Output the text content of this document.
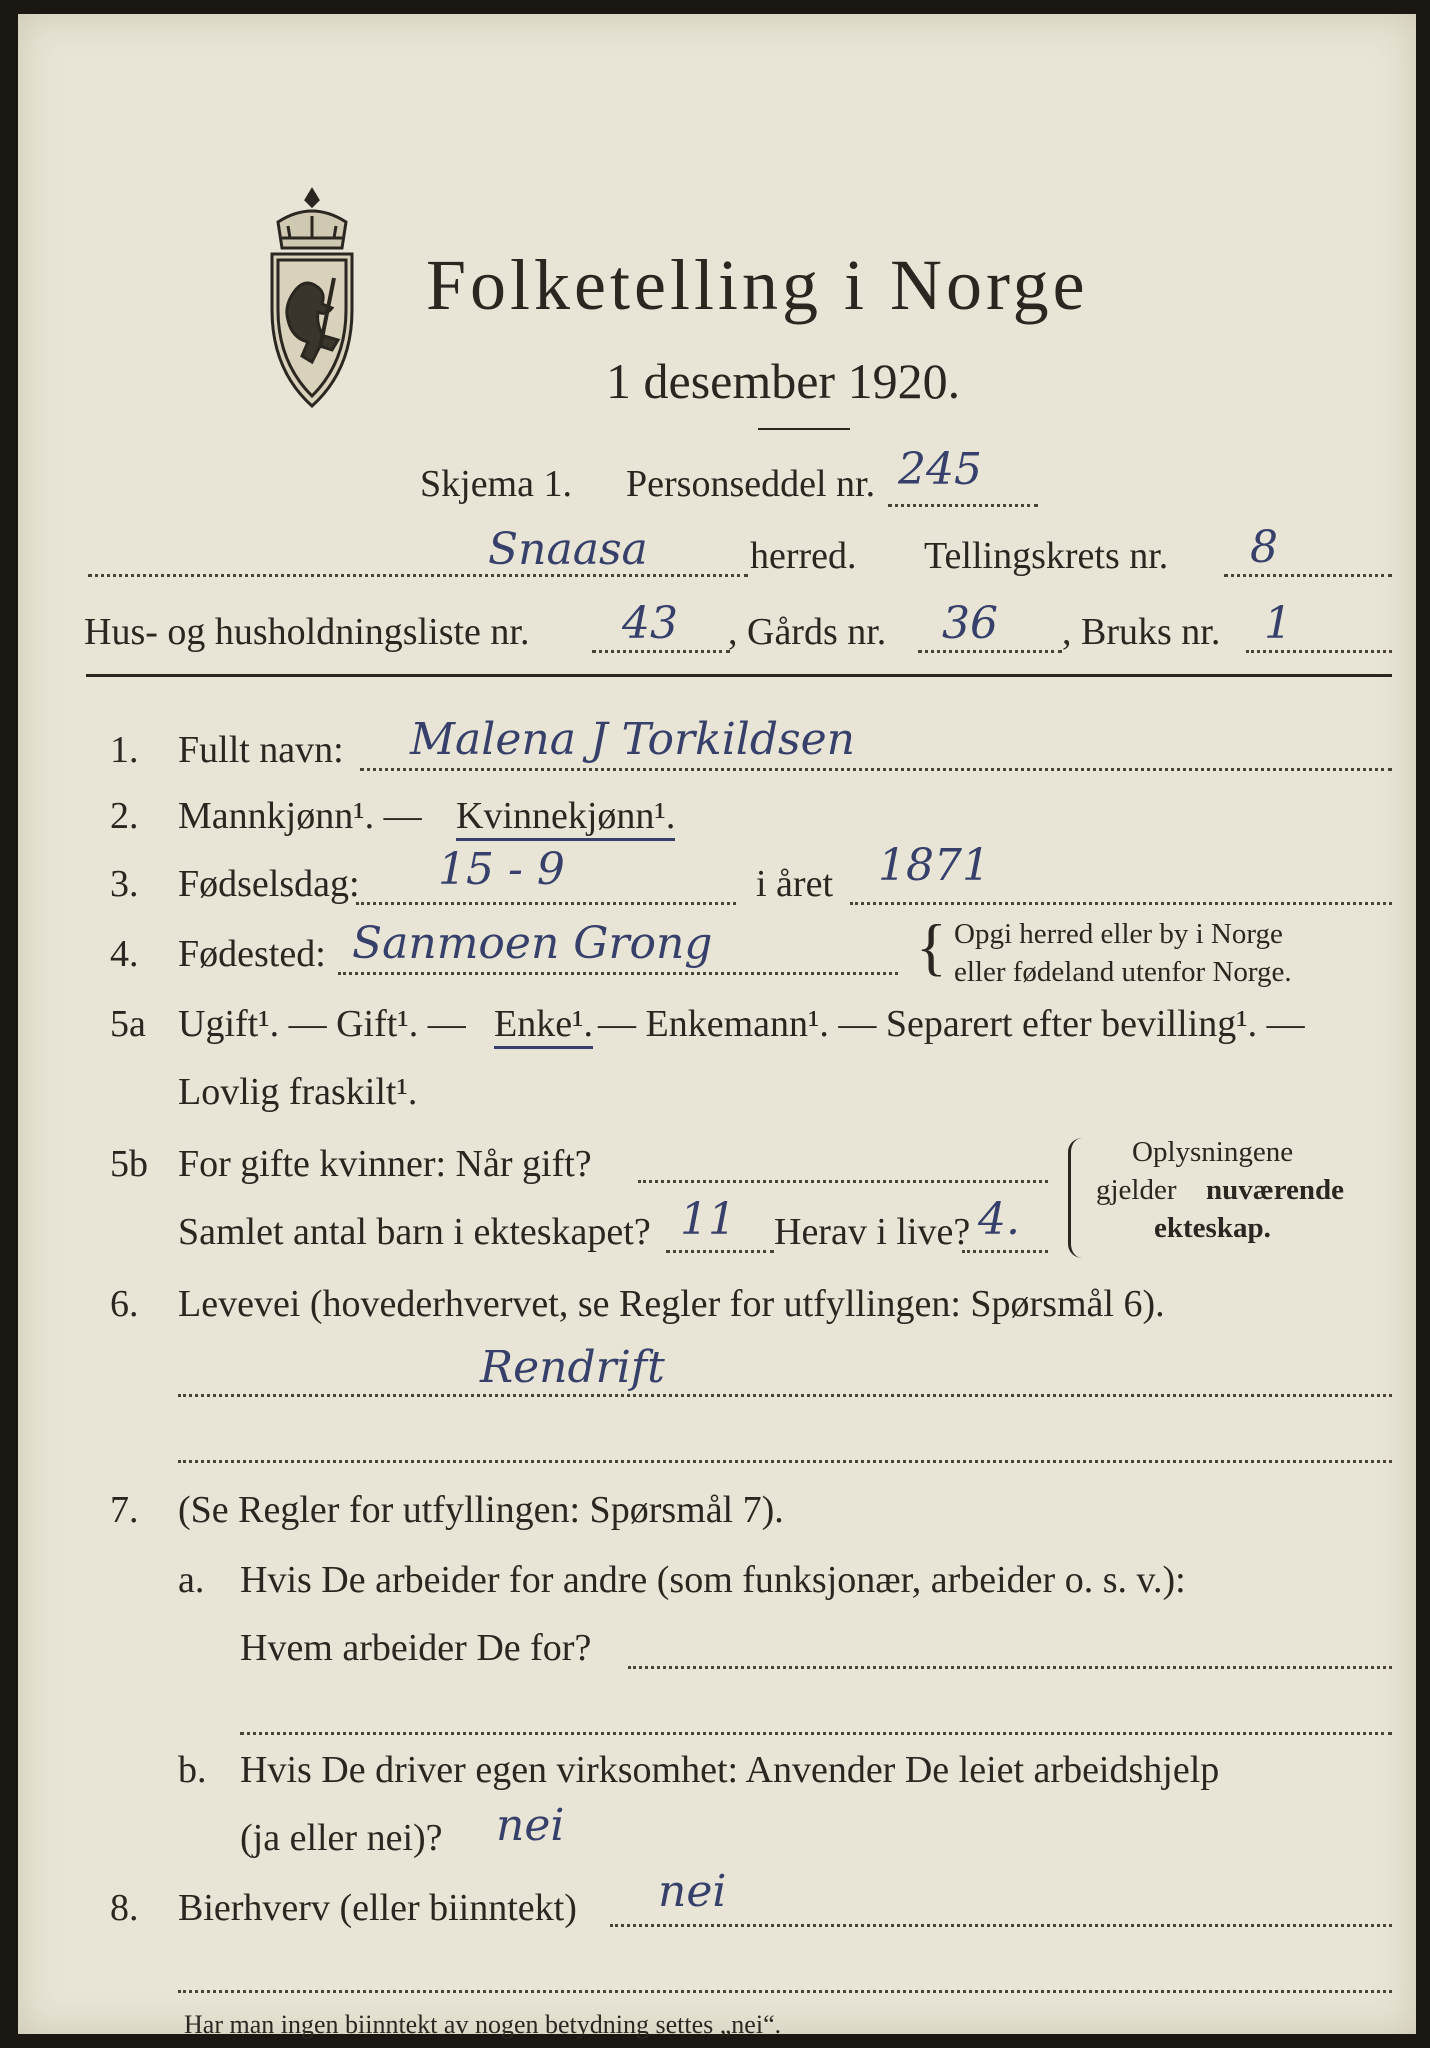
Folketelling i Norge
1 desember 1920.
Skjema 1. Personseddel nr. 245
Snaasa	herred. Tellingskrets nr. 8
Hus- og husholdningsliste nr. 43 , Gårds nr. 36 , Bruks nr. 1
1. Fullt navn: Malena J Torkildsen
2. Mannkjønn¹. — Kvinnekjønn¹.
3. Fødselsdag: 15 - 9	i året 1871
4. Fødested: Sanmoen Grong	{ Opgi herred eller by i Norge
eller fødeland utenfor Norge.
5a Ugift¹. — Gift¹. — Enke¹. — Enkemann¹. — Separert efter bevilling¹. —
Lovlig fraskilt¹.
5b For gifte kvinner: Når gift?
Samlet antal barn i ekteskapet? 11 Herav i live? 4.
Oplysningene
gjelder nuværende
ekteskap.
6. Levevei (hovederhvervet, se Regler for utfyllingen: Spørsmål 6).
Rendrift
7. (Se Regler for utfyllingen: Spørsmål 7).
a. Hvis De arbeider for andre (som funksjonær, arbeider o. s. v.):
Hvem arbeider De for?
b. Hvis De driver egen virksomhet: Anvender De leiet arbeidshjelp
(ja eller nei)? nei
8. Bierhverv (eller biinntekt) nei
Har man ingen biinntekt av nogen betydning settes „nei“.
